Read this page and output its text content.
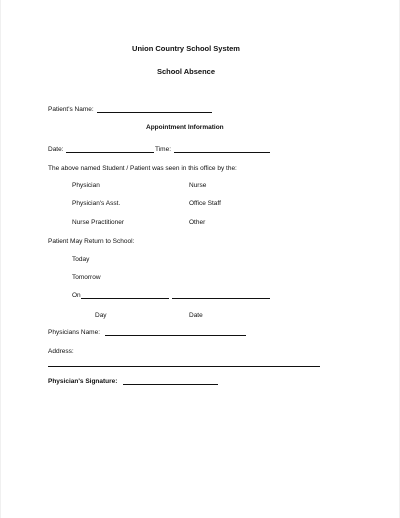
Union Country School System
School Absence
Patient's Name:
Appointment Information
Date:	Time:
The above named Student / Patient was seen in this office by the:
Physician	Nurse
Physician's Asst.	Office Staff
Nurse Practitioner	Other
Patient May Return to School:
Today
Tomorrow
On
Day	Date
Physicians Name:
Address:
Physician's Signature:
